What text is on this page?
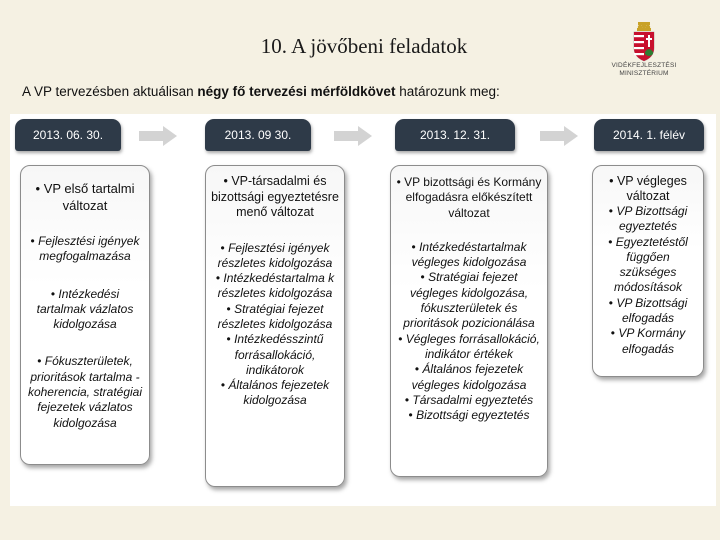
10. A jövőbeni feladatok
VIDÉKFEJLESZTÉSI
MINISZTÉRIUM
A VP tervezésben aktuálisan négy fő tervezési mérföldkövet határozunk meg:
2013. 06. 30.	2013. 09 30.	2013. 12. 31.	2014. 1. félév
• VP első tartalmi változat
• Fejlesztési igények megfogalmazása
• Intézkedési tartalmak vázlatos kidolgozása
• Fókuszterületek, prioritások tartalma - koherencia, stratégiai fejezetek vázlatos kidolgozása
• VP-társadalmi és bizottsági egyeztetésre menő változat
• Fejlesztési igények részletes kidolgozása
• Intézkedéstartalma k részletes kidolgozása
• Stratégiai fejezet részletes kidolgozása
• Intézkedésszintű forrásallokáció, indikátorok
• Általános fejezetek kidolgozása
• VP bizottsági és Kormány elfogadásra előkészített változat
• Intézkedéstartalmak végleges kidolgozása
• Stratégiai fejezet végleges kidolgozása, fókuszterületek és prioritások pozicionálása
• Végleges forrásallokáció, indikátor értékek
• Általános fejezetek végleges kidolgozása
• Társadalmi egyeztetés
• Bizottsági egyeztetés
• VP végleges változat
• VP Bizottsági egyeztetés
• Egyeztetéstől függően szükséges módosítások
• VP Bizottsági elfogadás
• VP Kormány elfogadás
